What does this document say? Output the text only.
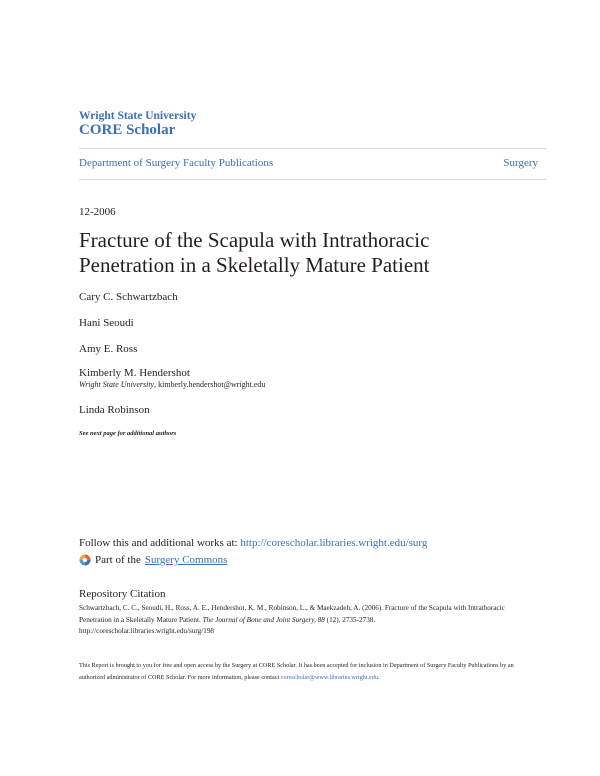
Wright State University
CORE Scholar
Department of Surgery Faculty Publications	Surgery
12-2006
Fracture of the Scapula with Intrathoracic
Penetration in a Skeletally Mature Patient
Cary C. Schwartzbach
Hani Seoudi
Amy E. Ross
Kimberly M. Hendershot
Wright State University, kimberly.hendershot@wright.edu
Linda Robinson
See next page for additional authors
Follow this and additional works at: http://corescholar.libraries.wright.edu/surg
Part of the Surgery Commons
Repository Citation
Schwartzbach, C. C., Seoudi, H., Ross, A. E., Hendershot, K. M., Robinson, L., & Maekzadeh, A. (2006). Fracture of the Scapula with Intrathoracic Penetration in a Skeletally Mature Patient. The Journal of Bone and Joint Surgery, 88 (12), 2735-2738.
http://corescholar.libraries.wright.edu/surg/198
This Report is brought to you for free and open access by the Surgery at CORE Scholar. It has been accepted for inclusion in Department of Surgery Faculty Publications by an authorized administrator of CORE Scholar. For more information, please contact corescholar@www.libraries.wright.edu.
